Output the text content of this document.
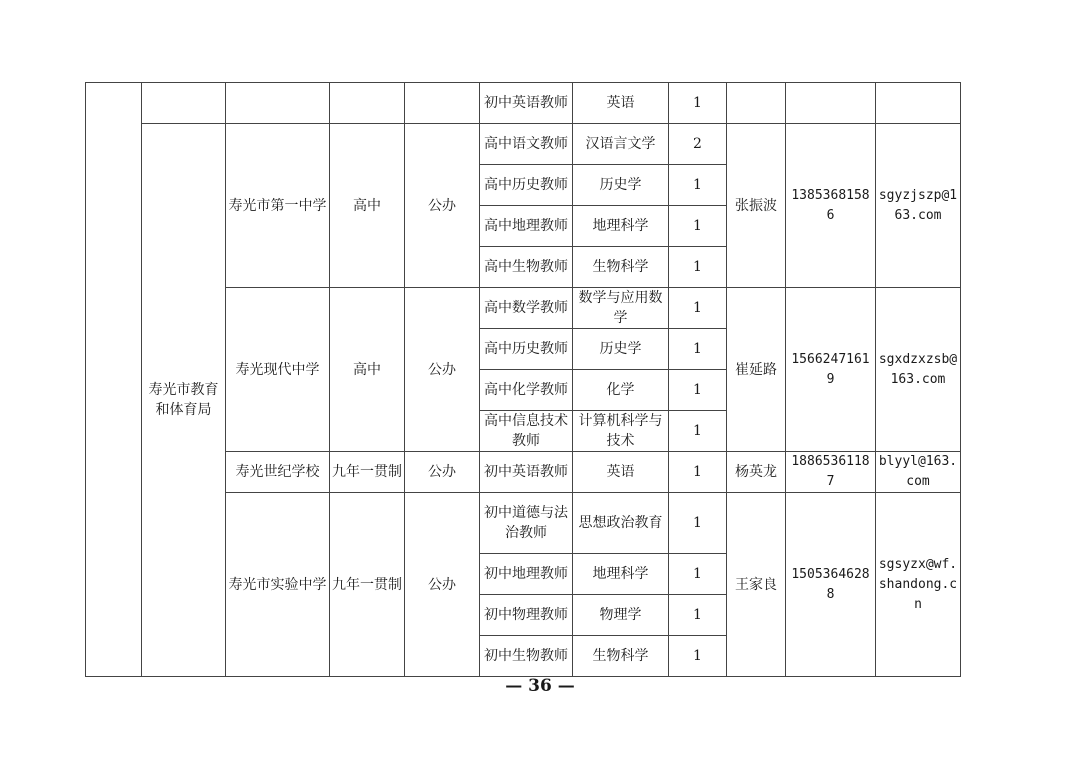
					初中英语教师	英语	1			
	寿光市教育和体育局	寿光市第一中学	高中	公办	高中语文教师	汉语言文学	2	张振波	13853681586	sgyzjszp@163.com
					高中历史教师	历史学	1			
					高中地理教师	地理科学	1			
					高中生物教师	生物科学	1			
		寿光现代中学	高中	公办	高中数学教师	数学与应用数学	1	崔延路	15662471619	sgxdzxzsb@163.com
					高中历史教师	历史学	1			
					高中化学教师	化学	1			
					高中信息技术教师	计算机科学与技术	1			
		寿光世纪学校	九年一贯制	公办	初中英语教师	英语	1	杨英龙	18865361187	blyyl@163.com
		寿光市实验中学	九年一贯制	公办	初中道德与法治教师	思想政治教育	1	王家良	15053646288	sgsyzx@wf.shandong.cn
					初中地理教师	地理科学	1			
					初中物理教师	物理学	1			
					初中生物教师	生物科学	1			
— 36 —
